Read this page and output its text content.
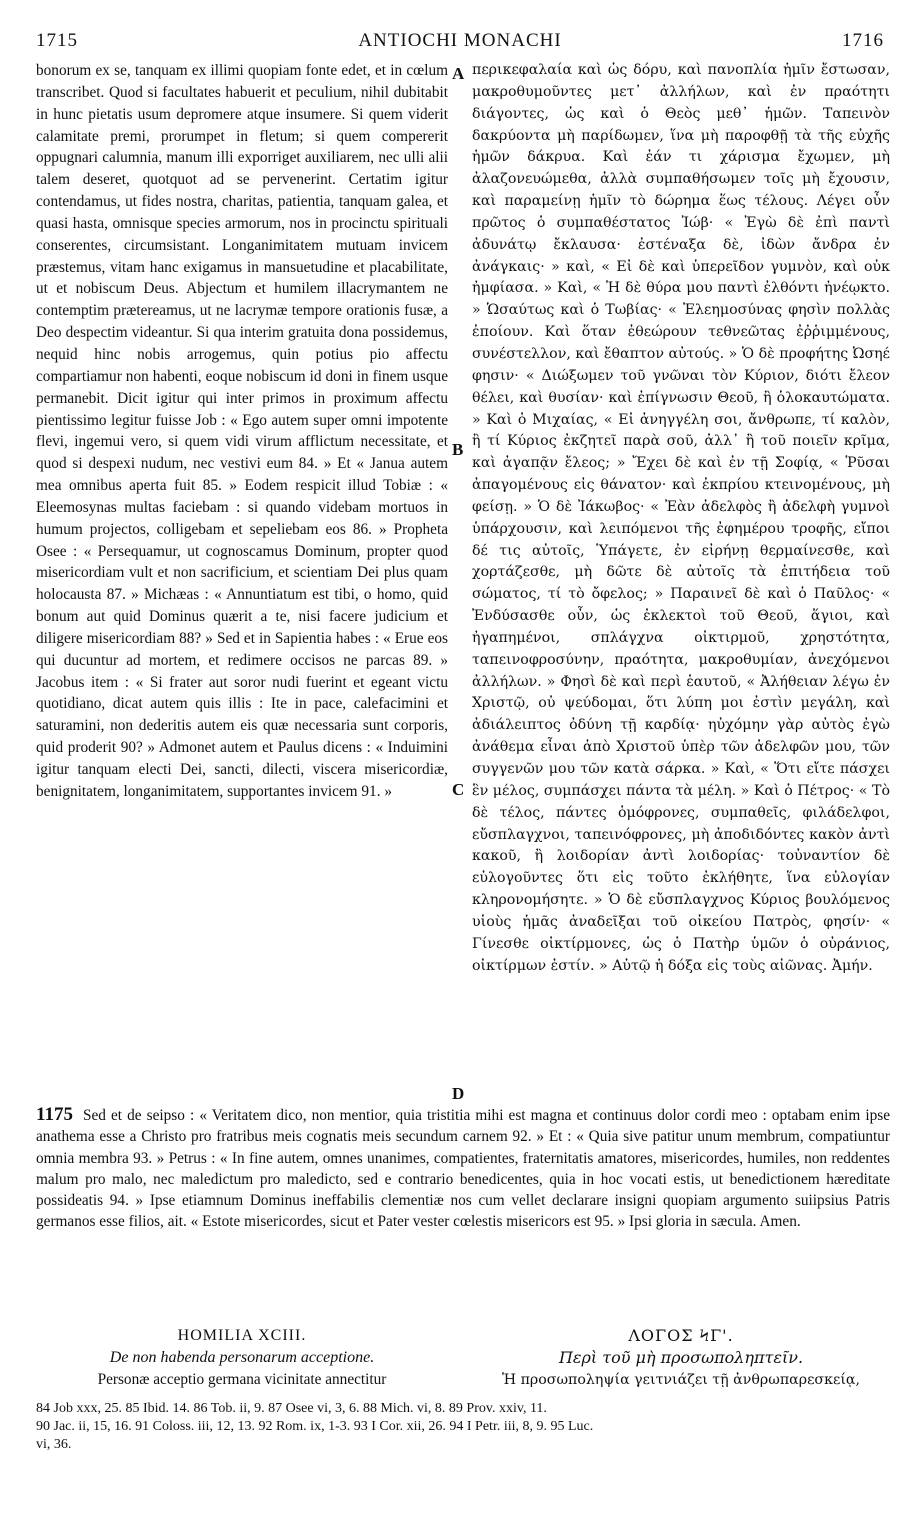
1715	ANTIOCHI MONACHI	1716

bonorum ex se, tanquam ex illimi quopiam fonte edet, et in cœlum transcribet. Quod si facultates habuerit et peculium, nihil dubitabit in hunc pietatis usum depromere atque insumere. Si quem viderit calamitate premi, prorumpet in fletum; si quem compererit oppugnari calumnia, manum illi exporriget auxiliarem, nec ulli alii talem deseret, quotquot ad se pervenerint. Certatim igitur contendamus, ut fides nostra, charitas, patientia, tanquam galea, et quasi hasta, omnisque species armorum, nos in procinctu spirituali conserentes, circumsistant. Longanimitatem mutuam invicem præstemus, vitam hanc exigamus in mansuetudine et placabilitate, ut et nobiscum Deus. Abjectum et humilem illacrymantem ne contemptim prætereamus, ut ne lacrymæ tempore orationis fusæ, a Deo despectim videantur. Si qua interim gratuita dona possidemus, nequid hinc nobis arrogemus, quin potius pio affectu compartiamur non habenti, eoque nobiscum id doni in finem usque permanebit. Dicit igitur qui inter primos in proximum affectu pientissimo legitur fuisse Job : « Ego autem super omni impotente flevi, ingemui vero, si quem vidi virum afflictum necessitate, et quod si despexi nudum, nec vestivi eum 84. » Et « Janua autem mea omnibus aperta fuit 85. » Eodem respicit illud Tobiæ : « Eleemosynas multas faciebam : si quando videbam mortuos in humum projectos, colligebam et sepeliebam eos 86. » Propheta Osee : « Persequamur, ut cognoscamus Dominum, propter quod misericordiam vult et non sacrificium, et scientiam Dei plus quam holocausta 87. » Michæas : « Annuntiatum est tibi, o homo, quid bonum aut quid Dominus quærit a te, nisi facere judicium et diligere misericordiam 88? » Sed et in Sapientia habes : « Erue eos qui ducuntur ad mortem, et redimere occisos ne parcas 89. » Jacobus item : « Si frater aut soror nudi fuerint et egeant victu quotidiano, dicat autem quis illis : Ite in pace, calefacimini et saturamini, non dederitis autem eis quæ necessaria sunt corporis, quid proderit 90? » Admonet autem et Paulus dicens : « Induimini igitur tanquam electi Dei, sancti, dilecti, viscera misericordiæ, benignitatem, longanimitatem, supportantes invicem 91. »

A
B
C
D

περικεφαλαία καὶ ὡς δόρυ, καὶ πανοπλία ἡμῖν ἔστωσαν, μακροθυμοῦντες μετ᾽ ἀλλήλων, καὶ ἐν πραότητι διάγοντες, ὡς καὶ ὁ Θεὸς μεθ᾽ ἡμῶν. Ταπεινὸν δακρύοντα μὴ παρίδωμεν, ἵνα μὴ παροφθῇ τὰ τῆς εὐχῆς ἡμῶν δάκρυα. Καὶ ἐάν τι χάρισμα ἔχωμεν, μὴ ἀλαζονευώμεθα, ἀλλὰ συμπαθήσωμεν τοῖς μὴ ἔχουσιν, καὶ παραμείνῃ ἡμῖν τὸ δώρημα ἕως τέλους. Λέγει οὖν πρῶτος ὁ συμπαθέστατος Ἰώβ· « Ἐγὼ δὲ ἐπὶ παντὶ ἀδυνάτῳ ἔκλαυσα· ἐστέναξα δὲ, ἰδὼν ἄνδρα ἐν ἀνάγκαις· » καὶ, « Εἰ δὲ καὶ ὑπερεῖδον γυμνὸν, καὶ οὐκ ἠμφίασα. » Καὶ, « Ἡ δὲ θύρα μου παντὶ ἐλθόντι ἠνέῳκτο. » Ὡσαύτως καὶ ὁ Τωβίας· « Ἐλεημοσύνας φησὶν πολλὰς ἐποίουν. Καὶ ὅταν ἐθεώρουν τεθνεῶτας ἐῤῥιμμένους, συνέστελλον, καὶ ἔθαπτον αὐτούς. » Ὁ δὲ προφήτης Ὠσηέ φησιν· « Διώξωμεν τοῦ γνῶναι τὸν Κύριον, διότι ἔλεον θέλει, καὶ θυσίαν· καὶ ἐπίγνωσιν Θεοῦ, ἢ ὁλοκαυτώματα. » Καὶ ὁ Μιχαίας, « Εἰ ἀνηγγέλη σοι, ἄνθρωπε, τί καλὸν, ἢ τί Κύριος ἐκζητεῖ παρὰ σοῦ, ἀλλ᾽ ἢ τοῦ ποιεῖν κρῖμα, καὶ ἀγαπᾷν ἔλεος; » Ἔχει δὲ καὶ ἐν τῇ Σοφίᾳ, « Ῥῦσαι ἀπαγομένους εἰς θάνατον· καὶ ἐκπρίου κτεινομένους, μὴ φείσῃ. » Ὁ δὲ Ἰάκωβος· « Ἐὰν ἀδελφὸς ἢ ἀδελφὴ γυμνοὶ ὑπάρχουσιν, καὶ λειπόμενοι τῆς ἐφημέρου τροφῆς, εἴποι δέ τις αὐτοῖς, Ὑπάγετε, ἐν εἰρήνῃ θερμαίνεσθε, καὶ χορτάζεσθε, μὴ δῶτε δὲ αὐτοῖς τὰ ἐπιτήδεια τοῦ σώματος, τί τὸ ὄφελος; » Παραινεῖ δὲ καὶ ὁ Παῦλος· « Ἐνδύσασθε οὖν, ὡς ἐκλεκτοὶ τοῦ Θεοῦ, ἅγιοι, καὶ ἠγαπημένοι, σπλάγχνα οἰκτιρμοῦ, χρηστότητα, ταπεινοφροσύνην, πραότητα, μακροθυμίαν, ἀνεχόμενοι ἀλλήλων. » Φησὶ δὲ καὶ περὶ ἑαυτοῦ, « Ἀλήθειαν λέγω ἐν Χριστῷ, οὐ ψεύδομαι, ὅτι λύπη μοι ἐστὶν μεγάλη, καὶ ἀδιάλειπτος ὀδύνη τῇ καρδίᾳ· ηὐχόμην γὰρ αὐτὸς ἐγὼ ἀνάθεμα εἶναι ἀπὸ Χριστοῦ ὑπὲρ τῶν ἀδελφῶν μου, τῶν συγγενῶν μου τῶν κατὰ σάρκα. » Καὶ, « Ὅτι εἴτε πάσχει ἓν μέλος, συμπάσχει πάντα τὰ μέλη. » Καὶ ὁ Πέτρος· « Τὸ δὲ τέλος, πάντες ὁμόφρονες, συμπαθεῖς, φιλάδελφοι, εὔσπλαγχνοι, ταπεινόφρονες, μὴ ἀποδιδόντες κακὸν ἀντὶ κακοῦ, ἢ λοιδορίαν ἀντὶ λοιδορίας· τοὐναντίον δὲ εὐλογοῦντες ὅτι εἰς τοῦτο ἐκλήθητε, ἵνα εὐλογίαν κληρονομήσητε. » Ὁ δὲ εὔσπλαγχνος Κύριος βουλόμενος υἱοὺς ἡμᾶς ἀναδεῖξαι τοῦ οἰκείου Πατρὸς, φησίν· « Γίνεσθε οἰκτίρμονες, ὡς ὁ Πατὴρ ὑμῶν ὁ οὐράνιος, οἰκτίρμων ἐστίν. » Αὐτῷ ἡ δόξα εἰς τοὺς αἰῶνας. Ἀμήν.

1175 Sed et de seipso : « Veritatem dico, non mentior, quia tristitia mihi est magna et continuus dolor cordi meo : optabam enim ipse anathema esse a Christo pro fratribus meis cognatis meis secundum carnem 92. » Et : « Quia sive patitur unum membrum, compatiuntur omnia membra 93. » Petrus : « In fine autem, omnes unanimes, compatientes, fraternitatis amatores, misericordes, humiles, non reddentes malum pro malo, nec maledictum pro maledicto, sed e contrario benedicentes, quia in hoc vocati estis, ut benedictionem hæreditate possideatis 94. » Ipse etiamnum Dominus ineffabilis clementiæ nos cum vellet declarare insigni quopiam argumento suiipsius Patris germanos esse filios, ait. « Estote misericordes, sicut et Pater vester cœlestis misericors est 95. » Ipsi gloria in sæcula. Amen.
HOMILIA XCIII.
De non habenda personarum acceptione.
Personæ acceptio germana vicinitate annectitur
ΛΟΓΟΣ ϞΓ'.
Περὶ τοῦ μὴ προσωποληπτεῖν.
Ἡ προσωποληψία γειτνιάζει τῇ ἀνθρωπαρεσκείᾳ,
84 Job xxx, 25. 85 Ibid. 14. 86 Tob. ii, 9. 87 Osee vi, 3, 6. 88 Mich. vi, 8. 89 Prov. xxiv, 11.
90 Jac. ii, 15, 16. 91 Coloss. iii, 12, 13. 92 Rom. ix, 1-3. 93 I Cor. xii, 26. 94 I Petr. iii, 8, 9. 95 Luc.
vi, 36.
